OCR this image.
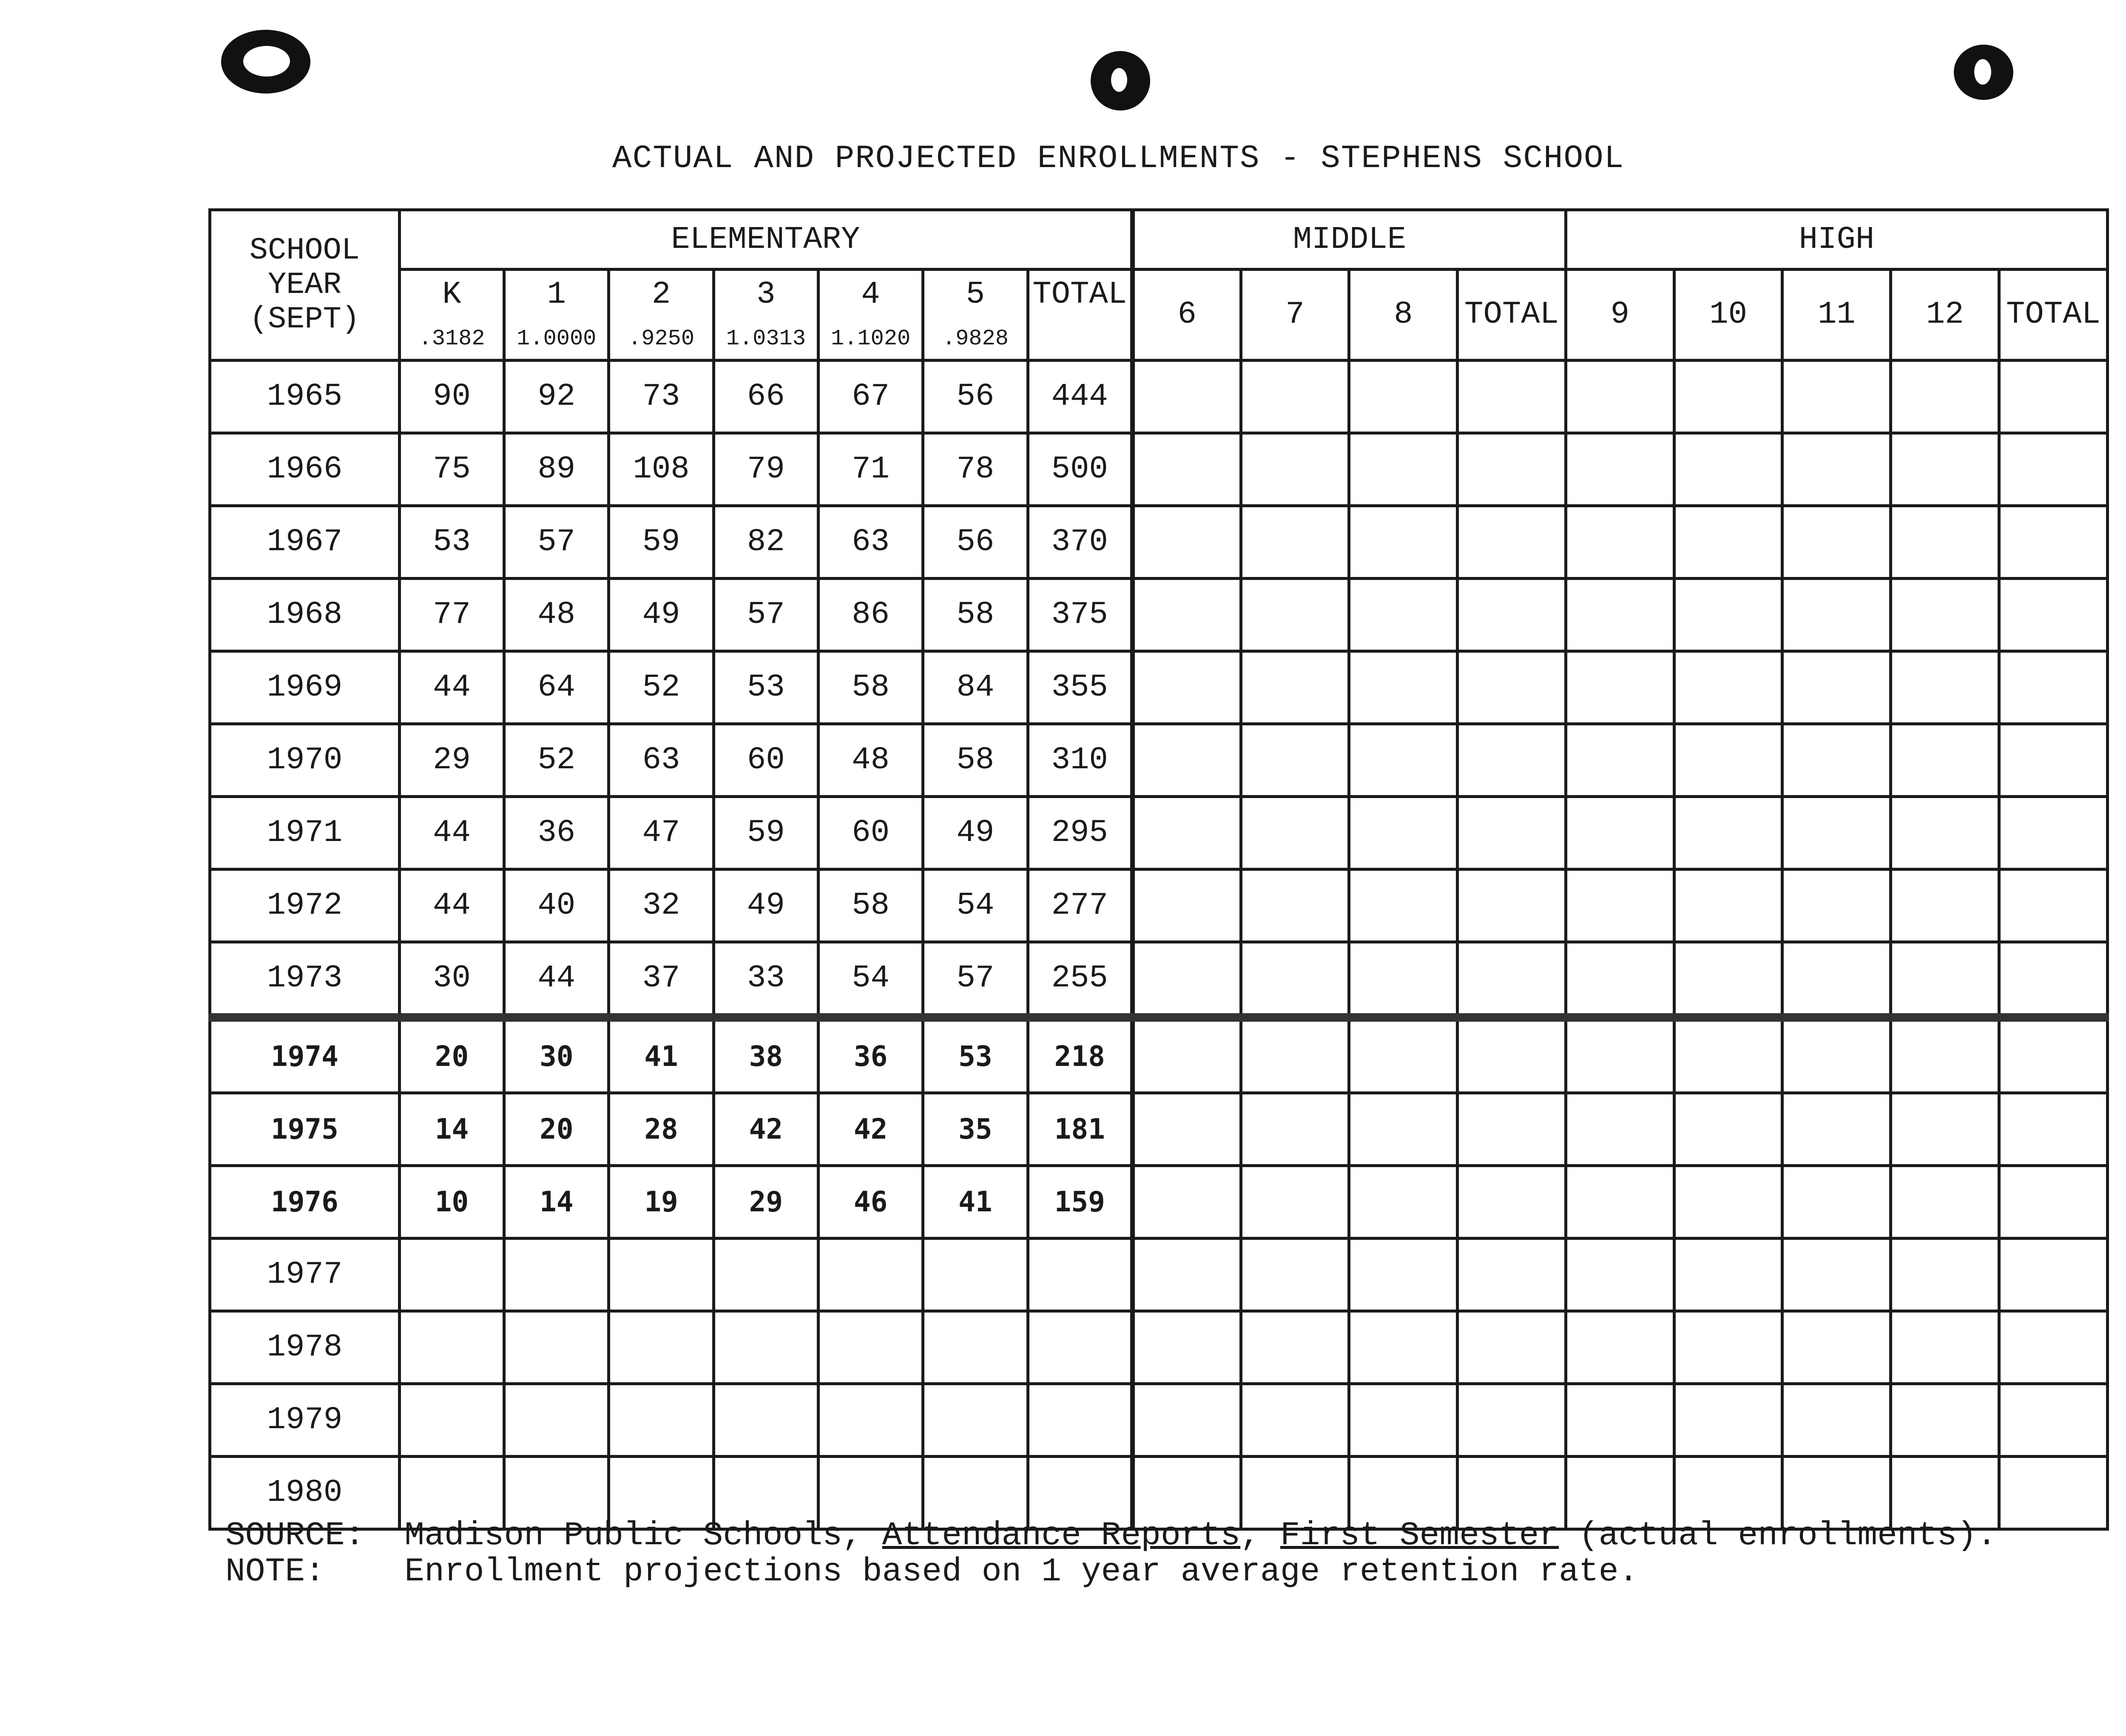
ACTUAL AND PROJECTED ENROLLMENTS - STEPHENS SCHOOL
SCHOOL
YEAR
(SEPT)	ELEMENTARY							MIDDLE				HIGH				
	K	1	2	3	4	5	TOTAL	6	7	8	TOTAL	9	10	11	12	TOTAL
	.3182	1.0000	.9250	1.0313	1.1020	.9828										
1965	90	92	73	66	67	56	444									
1966	75	89	108	79	71	78	500									
1967	53	57	59	82	63	56	370									
1968	77	48	49	57	86	58	375									
1969	44	64	52	53	58	84	355									
1970	29	52	63	60	48	58	310									
1971	44	36	47	59	60	49	295									
1972	44	40	32	49	58	54	277									
1973	30	44	37	33	54	57	255									
1974	20	30	41	38	36	53	218									
1975	14	20	28	42	42	35	181									
1976	10	14	19	29	46	41	159									
1977																
1978																
1979																
1980																
SOURCE: Madison Public Schools, Attendance Reports, First Semester (actual enrollments).
NOTE: Enrollment projections based on 1 year average retention rate.
